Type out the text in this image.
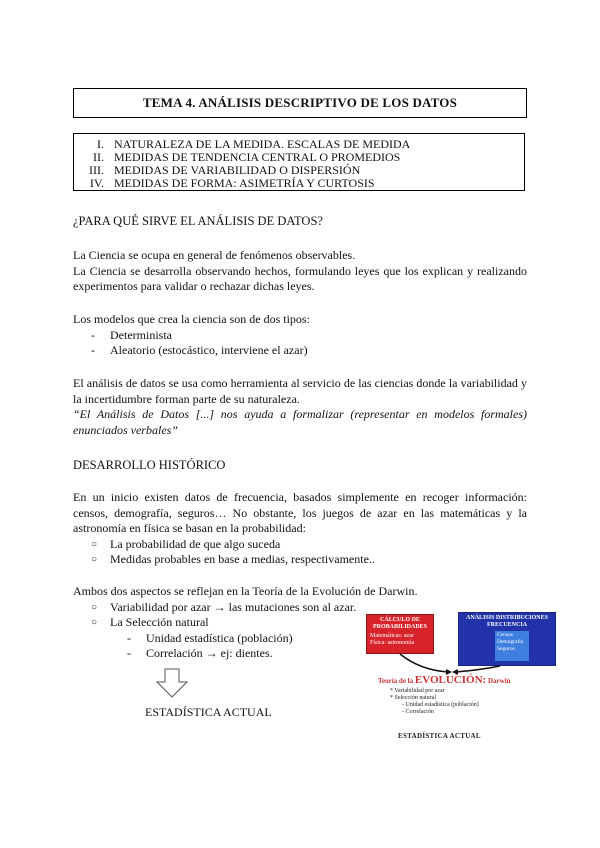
TEMA 4. ANÁLISIS DESCRIPTIVO DE LOS DATOS
I. NATURALEZA DE LA MEDIDA. ESCALAS DE MEDIDA
II. MEDIDAS DE TENDENCIA CENTRAL O PROMEDIOS
III. MEDIDAS DE VARIABILIDAD O DISPERSIÓN
IV. MEDIDAS DE FORMA: ASIMETRÍA Y CURTOSIS

¿PARA QUÉ SIRVE EL ANÁLISIS DE DATOS?

La Ciencia se ocupa en general de fenómenos observables.

La Ciencia se desarrolla observando hechos, formulando leyes que los explican y realizando experimentos para validar o rechazar dichas leyes.

Los modelos que crea la ciencia son de dos tipos:

- Determinista
- Aleatorio (estocástico, interviene el azar)

El análisis de datos se usa como herramienta al servicio de las ciencias donde la variabilidad y la incertidumbre forman parte de su naturaleza.

“El Análisis de Datos [...] nos ayuda a formalizar (representar en modelos formales) enunciados verbales”

DESARROLLO HISTÓRICO

En un inicio existen datos de frecuencia, basados simplemente en recoger información: censos, demografía, seguros… No obstante, los juegos de azar en las matemáticas y la astronomía en física se basan en la probabilidad:

○ La probabilidad de que algo suceda
○ Medidas probables en base a medias, respectivamente..

Ambos dos aspectos se reflejan en la Teoría de la Evolución de Darwin.

○ Variabilidad por azar → las mutaciones son al azar.
○ La Selección natural
- Unidad estadística (población)
- Correlación → ej: dientes.
ESTADÍSTICA ACTUAL
CÁLCULO DE PROBABILIDADES
Matemáticas: azar Física: astronomía
ANÁLISIS DISTRIBUCIONES FRECUENCIA
Censos Demografía Seguros
Teoría de la EVOLUCIÓN: Darwin
* Variabilidad por azar
* Selección natural
- Unidad estadística (población)
- Correlación
ESTADÍSTICA ACTUAL
